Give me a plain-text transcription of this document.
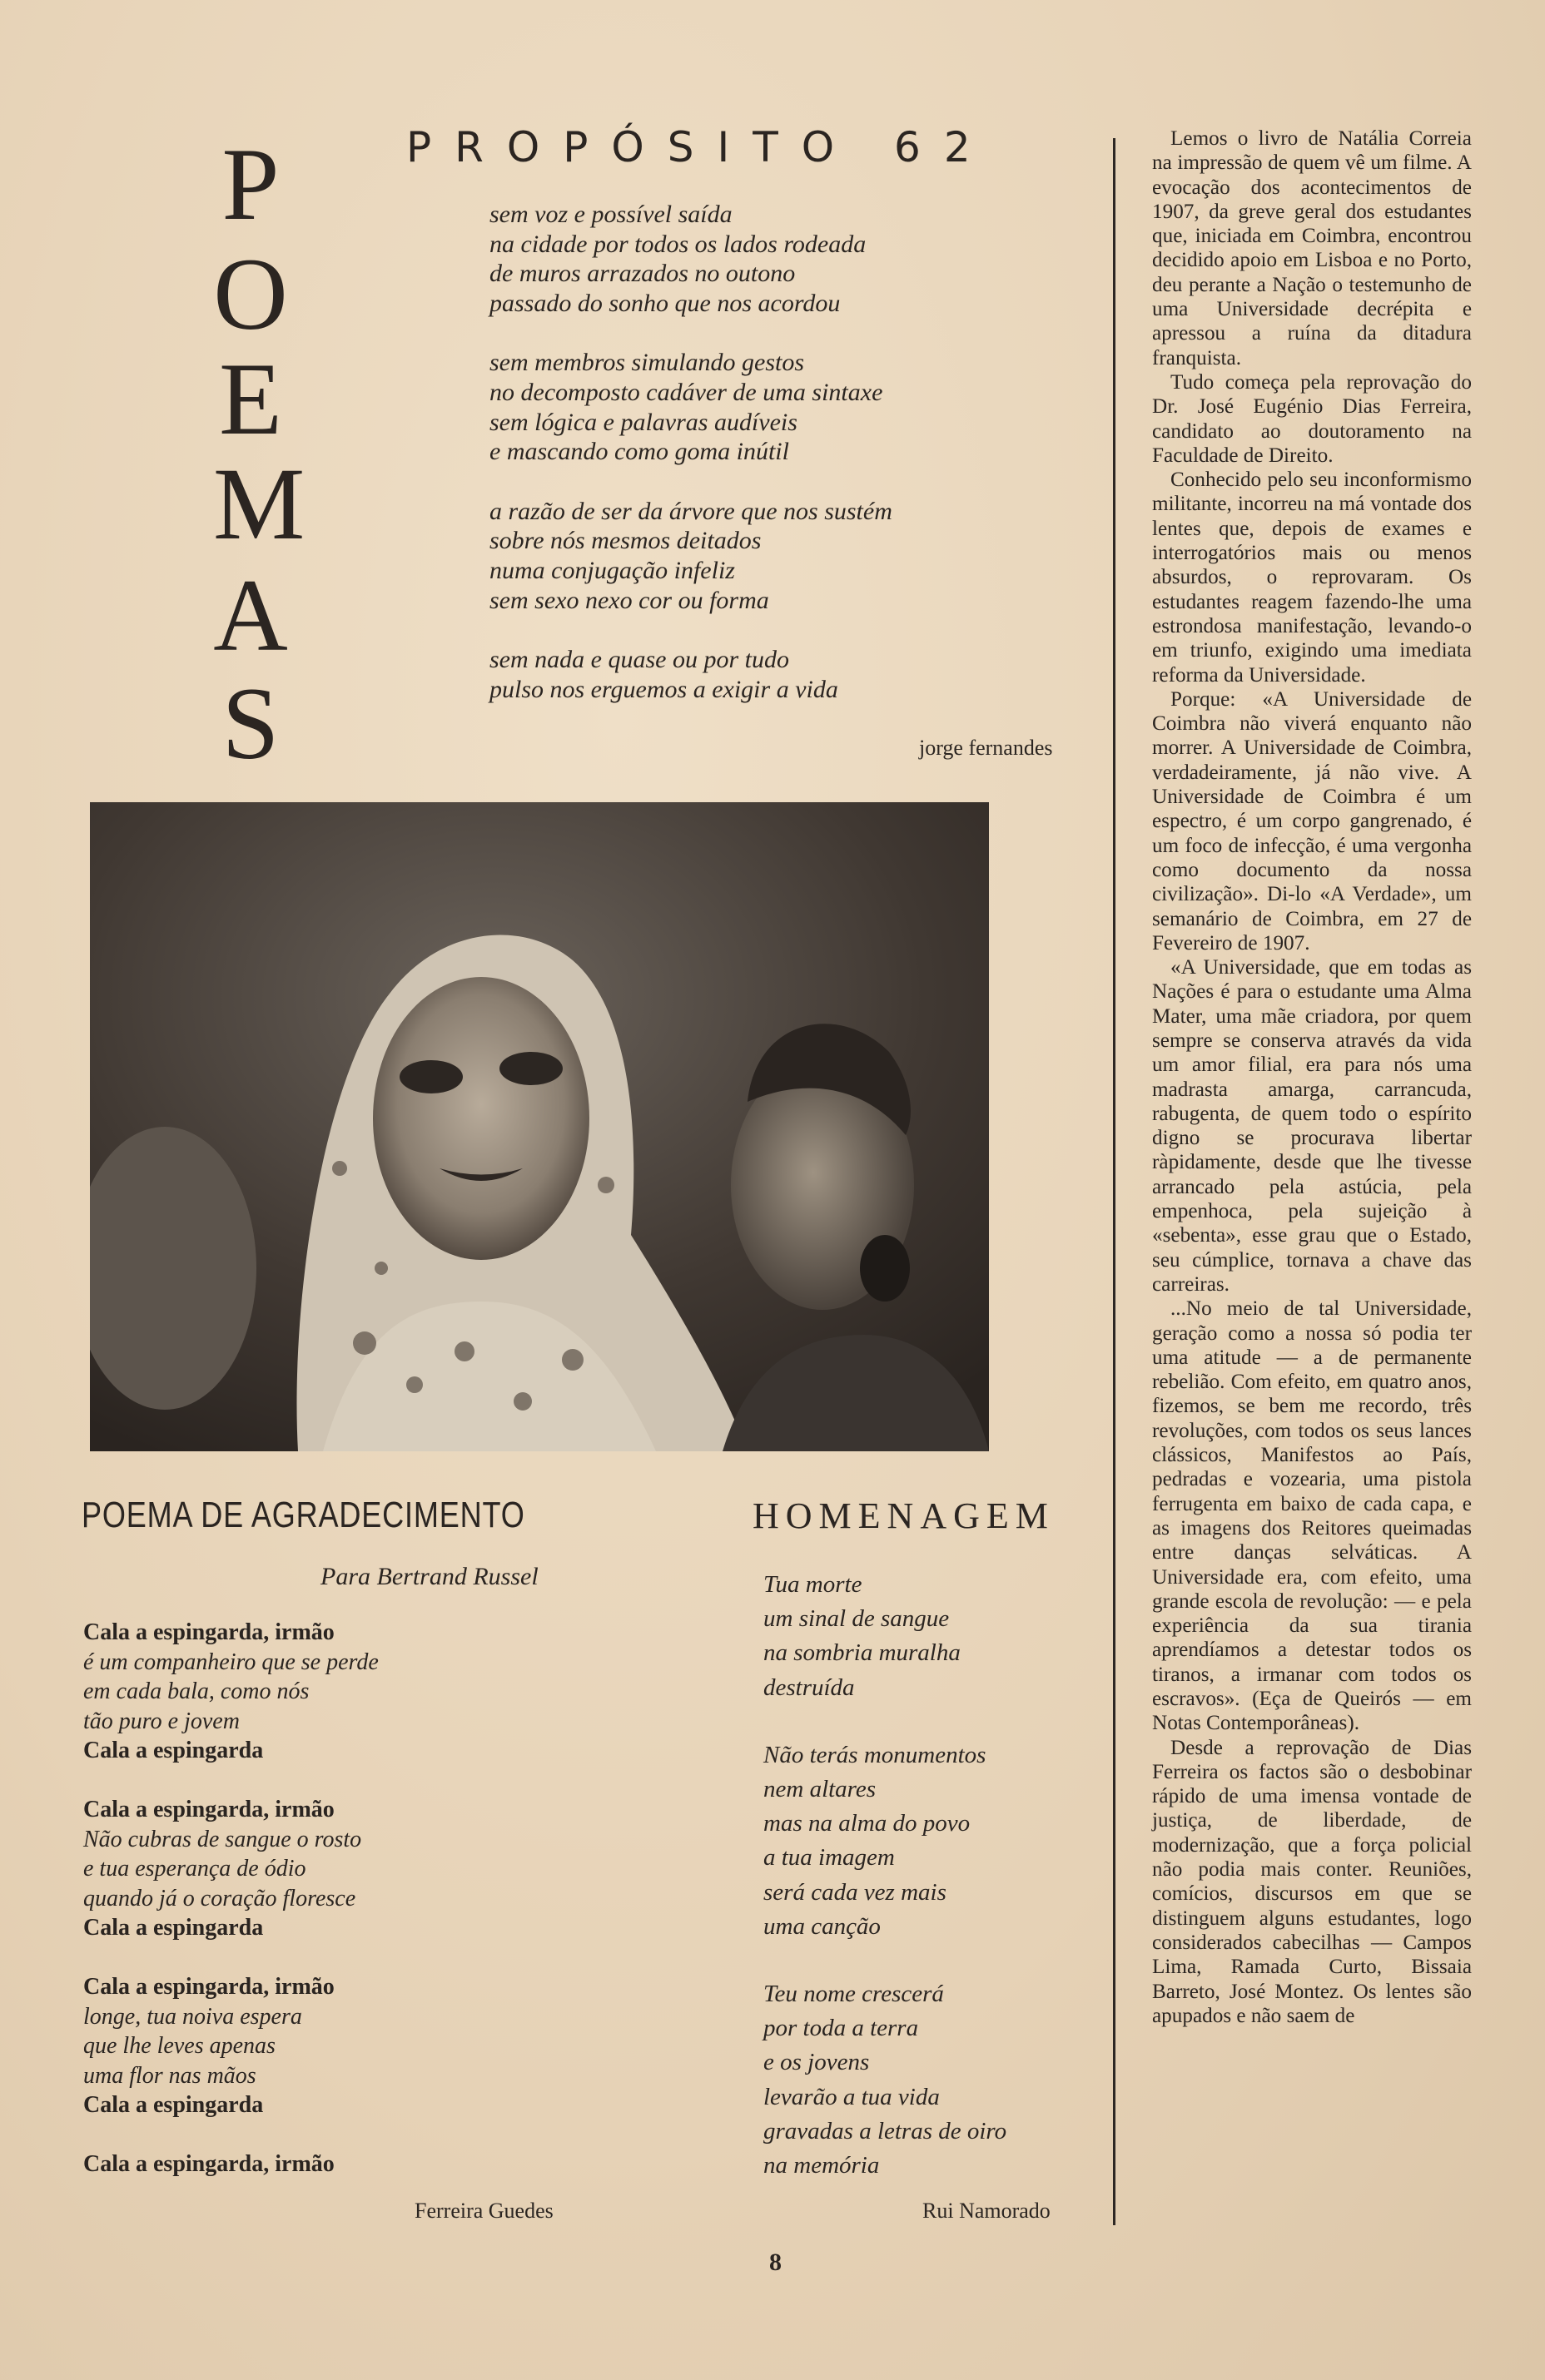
P
O
E
M
A
S
PROPÓSITO 62
sem voz e possível saída
na cidade por todos os lados rodeada
de muros arrazados no outono
passado do sonho que nos acordou
sem membros simulando gestos
no decomposto cadáver de uma sintaxe
sem lógica e palavras audíveis
e mascando como goma inútil
a razão de ser da árvore que nos sustém
sobre nós mesmos deitados
numa conjugação infeliz
sem sexo nexo cor ou forma
sem nada e quase ou por tudo
pulso nos erguemos a exigir a vida
jorge fernandes
POEMA DE AGRADECIMENTO
Para Bertrand Russel
Cala a espingarda, irmão
é um companheiro que se perde
em cada bala, como nós
tão puro e jovem
Cala a espingarda
Cala a espingarda, irmão
Não cubras de sangue o rosto
e tua esperança de ódio
quando já o coração floresce
Cala a espingarda
Cala a espingarda, irmão
longe, tua noiva espera
que lhe leves apenas
uma flor nas mãos
Cala a espingarda
Cala a espingarda, irmão
Ferreira Guedes
HOMENAGEM
Tua morte
um sinal de sangue
na sombria muralha
destruída
Não terás monumentos
nem altares
mas na alma do povo
a tua imagem
será cada vez mais
uma canção
Teu nome crescerá
por toda a terra
e os jovens
levarão a tua vida
gravadas a letras de oiro
na memória
Rui Namorado

Lemos o livro de Natália Correia na impressão de quem vê um filme. A evocação dos acontecimentos de 1907, da greve geral dos estudantes que, iniciada em Coimbra, encontrou decidido apoio em Lisboa e no Porto, deu perante a Nação o testemunho de uma Universidade decrépita e apressou a ruína da ditadura franquista.

Tudo começa pela reprovação do Dr. José Eugénio Dias Ferreira, candidato ao doutoramento na Faculdade de Direito.

Conhecido pelo seu inconformismo militante, incorreu na má vontade dos lentes que, depois de exames e interrogatórios mais ou menos absurdos, o reprovaram. Os estudantes reagem fazendo-lhe uma estrondosa manifestação, levando-o em triunfo, exigindo uma imediata reforma da Universidade.

Porque: «A Universidade de Coimbra não viverá enquanto não morrer. A Universidade de Coimbra, verdadeiramente, já não vive. A Universidade de Coimbra é um espectro, é um corpo gangrenado, é um foco de infecção, é uma vergonha como documento da nossa civilização». Di-lo «A Verdade», um semanário de Coimbra, em 27 de Fevereiro de 1907.

«A Universidade, que em todas as Nações é para o estudante uma Alma Mater, uma mãe criadora, por quem sempre se conserva através da vida um amor filial, era para nós uma madrasta amarga, carrancuda, rabugenta, de quem todo o espírito digno se procurava libertar ràpidamente, desde que lhe tivesse arrancado pela astúcia, pela empenhoca, pela sujeição à «sebenta», esse grau que o Estado, seu cúmplice, tornava a chave das carreiras.

...No meio de tal Universidade, geração como a nossa só podia ter uma atitude — a de permanente rebelião. Com efeito, em quatro anos, fizemos, se bem me recordo, três revoluções, com todos os seus lances clássicos, Manifestos ao País, pedradas e vozearia, uma pistola ferrugenta em baixo de cada capa, e as imagens dos Reitores queimadas entre danças selváticas. A Universidade era, com efeito, uma grande escola de revolução: — e pela experiência da sua tirania aprendíamos a detestar todos os tiranos, a irmanar com todos os escravos». (Eça de Queirós — em Notas Contemporâneas).

Desde a reprovação de Dias Ferreira os factos são o desbobinar rápido de uma imensa vontade de justiça, de liberdade, de modernização, que a força policial não podia mais conter. Reuniões, comícios, discursos em que se distinguem alguns estudantes, logo considerados cabecilhas — Campos Lima, Ramada Curto, Bissaia Barreto, José Montez. Os lentes são apupados e não saem de

8
